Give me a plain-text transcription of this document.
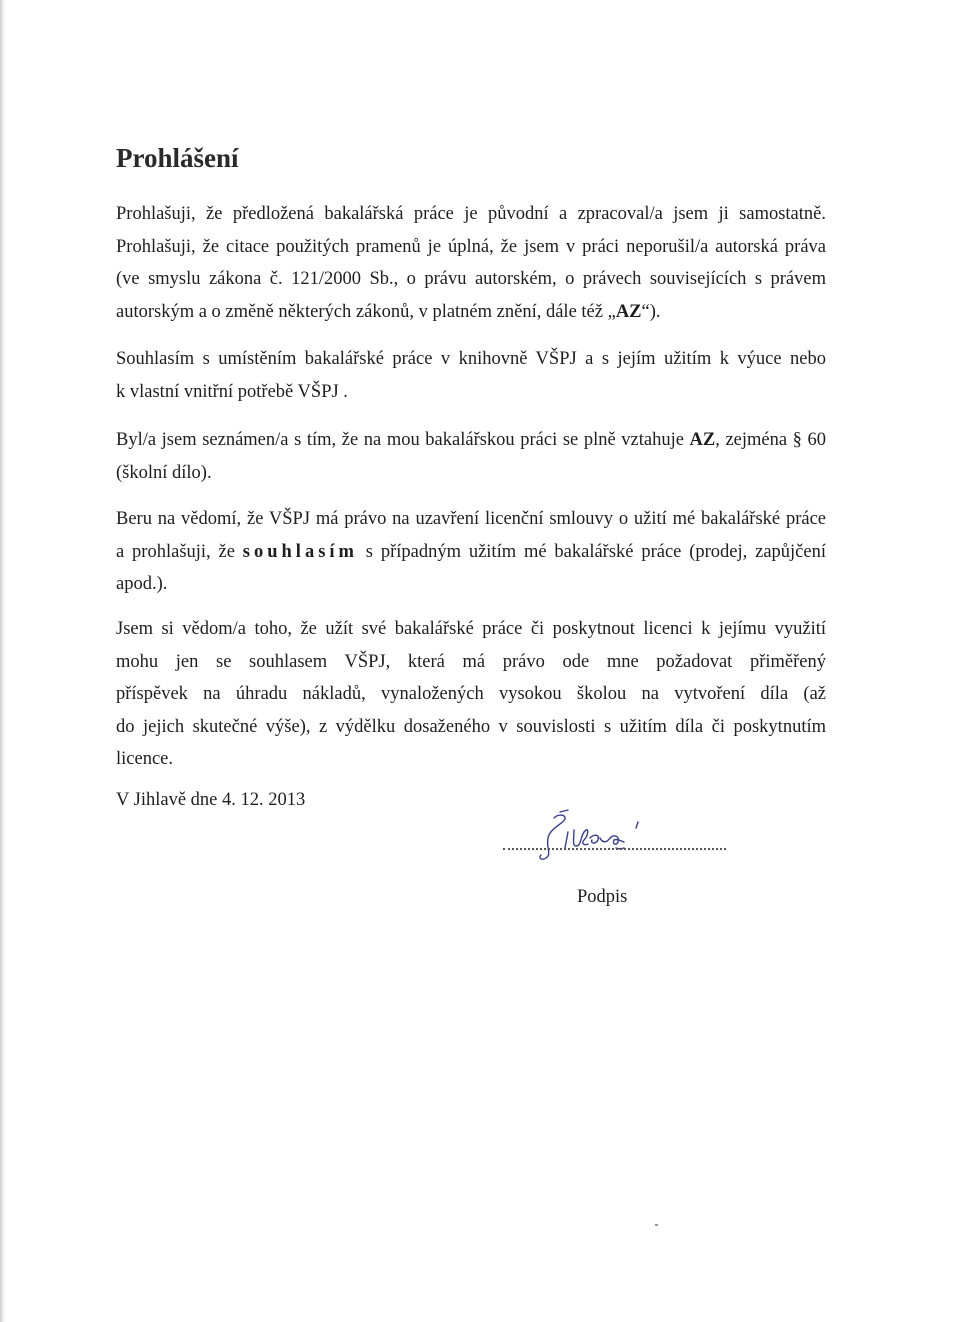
Prohlášení

Prohlašuji, že předložená bakalářská práce je původní a zpracoval/a jsem ji samostatně.
Prohlašuji, že citace použitých pramenů je úplná, že jsem v práci neporušil/a autorská práva
(ve smyslu zákona č. 121/2000 Sb., o právu autorském, o právech souvisejících s právem
autorským a o změně některých zákonů, v platném znění, dále též „AZ“).

Souhlasím s umístěním bakalářské práce v knihovně VŠPJ a s jejím užitím k výuce nebo
k vlastní vnitřní potřebě VŠPJ .

Byl/a jsem seznámen/a s tím, že na mou bakalářskou práci se plně vztahuje AZ, zejména § 60
(školní dílo).

Beru na vědomí, že VŠPJ má právo na uzavření licenční smlouvy o užití mé bakalářské práce
a prohlašuji, že souhlasím s případným užitím mé bakalářské práce (prodej, zapůjčení
apod.).

Jsem si vědom/a toho, že užít své bakalářské práce či poskytnout licenci k jejímu využití
mohu jen se souhlasem VŠPJ, která má právo ode mne požadovat přiměřený
příspěvek na úhradu nákladů, vynaložených vysokou školou na vytvoření díla (až
do jejich skutečné výše), z výdělku dosaženého v souvislosti s užitím díla či poskytnutím
licence.

V Jihlavě dne 4. 12. 2013
Podpis
